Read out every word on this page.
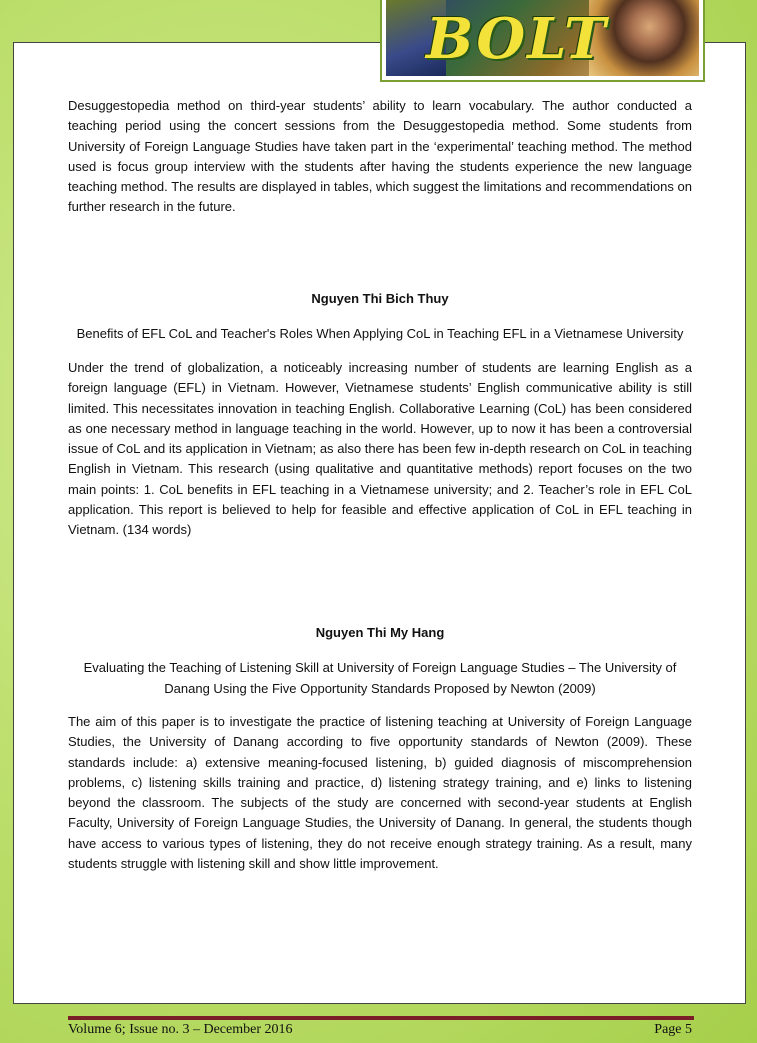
BOLT

Desuggestopedia method on third-year students’ ability to learn vocabulary. The author conducted a teaching period using the concert sessions from the Desuggestopedia method. Some students from University of Foreign Language Studies have taken part in the ‘experimental’ teaching method. The method used is focus group interview with the students after having the students experience the new language teaching method. The results are displayed in tables, which suggest the limitations and recommendations on further research in the future.

Nguyen Thi Bich Thuy

Benefits of EFL CoL and Teacher's Roles When Applying CoL in Teaching EFL in a Vietnamese University

Under the trend of globalization, a noticeably increasing number of students are learning English as a foreign language (EFL) in Vietnam. However, Vietnamese students’ English communicative ability is still limited. This necessitates innovation in teaching English. Collaborative Learning (CoL) has been considered as one necessary method in language teaching in the world. However, up to now it has been a controversial issue of CoL and its application in Vietnam; as also there has been few in-depth research on CoL in teaching English in Vietnam. This research (using qualitative and quantitative methods) report focuses on the two main points: 1. CoL benefits in EFL teaching in a Vietnamese university; and 2. Teacher’s role in EFL CoL application. This report is believed to help for feasible and effective application of CoL in EFL teaching in Vietnam. (134 words)

Nguyen Thi My Hang

Evaluating the Teaching of Listening Skill at University of Foreign Language Studies – The University of Danang Using the Five Opportunity Standards Proposed by Newton (2009)

The aim of this paper is to investigate the practice of listening teaching at University of Foreign Language Studies, the University of Danang according to five opportunity standards of Newton (2009). These standards include: a) extensive meaning-focused listening, b) guided diagnosis of miscomprehension problems, c) listening skills training and practice, d) listening strategy training, and e) links to listening beyond the classroom. The subjects of the study are concerned with second-year students at English Faculty, University of Foreign Language Studies, the University of Danang. In general, the students though have access to various types of listening, they do not receive enough strategy training. As a result, many students struggle with listening skill and show little improvement.

Volume 6; Issue no. 3 – December 2016	Page 5
